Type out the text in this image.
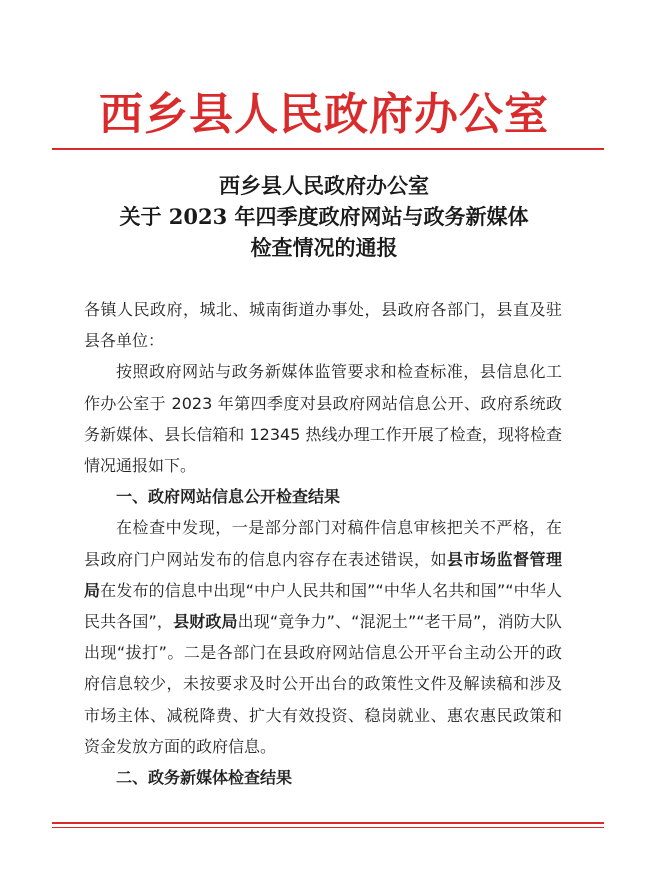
西乡县人民政府办公室
西乡县人民政府办公室
关于 2023 年四季度政府网站与政务新媒体
检查情况的通报

各镇人民政府，城北、城南街道办事处，县政府各部门，县直及驻县各单位：

按照政府网站与政务新媒体监管要求和检查标准，县信息化工作办公室于 2023 年第四季度对县政府网站信息公开、政府系统政务新媒体、县长信箱和 12345 热线办理工作开展了检查，现将检查情况通报如下。

一、政府网站信息公开检查结果

在检查中发现，一是部分部门对稿件信息审核把关不严格，在县政府门户网站发布的信息内容存在表述错误，如县市场监督管理局在发布的信息中出现“中户人民共和国”“中华人名共和国”“中华人民共各国”，县财政局出现“竟争力”、“混泥土”“老干局”，消防大队出现“拔打”。二是各部门在县政府网站信息公开平台主动公开的政府信息较少，未按要求及时公开出台的政策性文件及解读稿和涉及市场主体、减税降费、扩大有效投资、稳岗就业、惠农惠民政策和资金发放方面的政府信息。

二、政务新媒体检查结果
